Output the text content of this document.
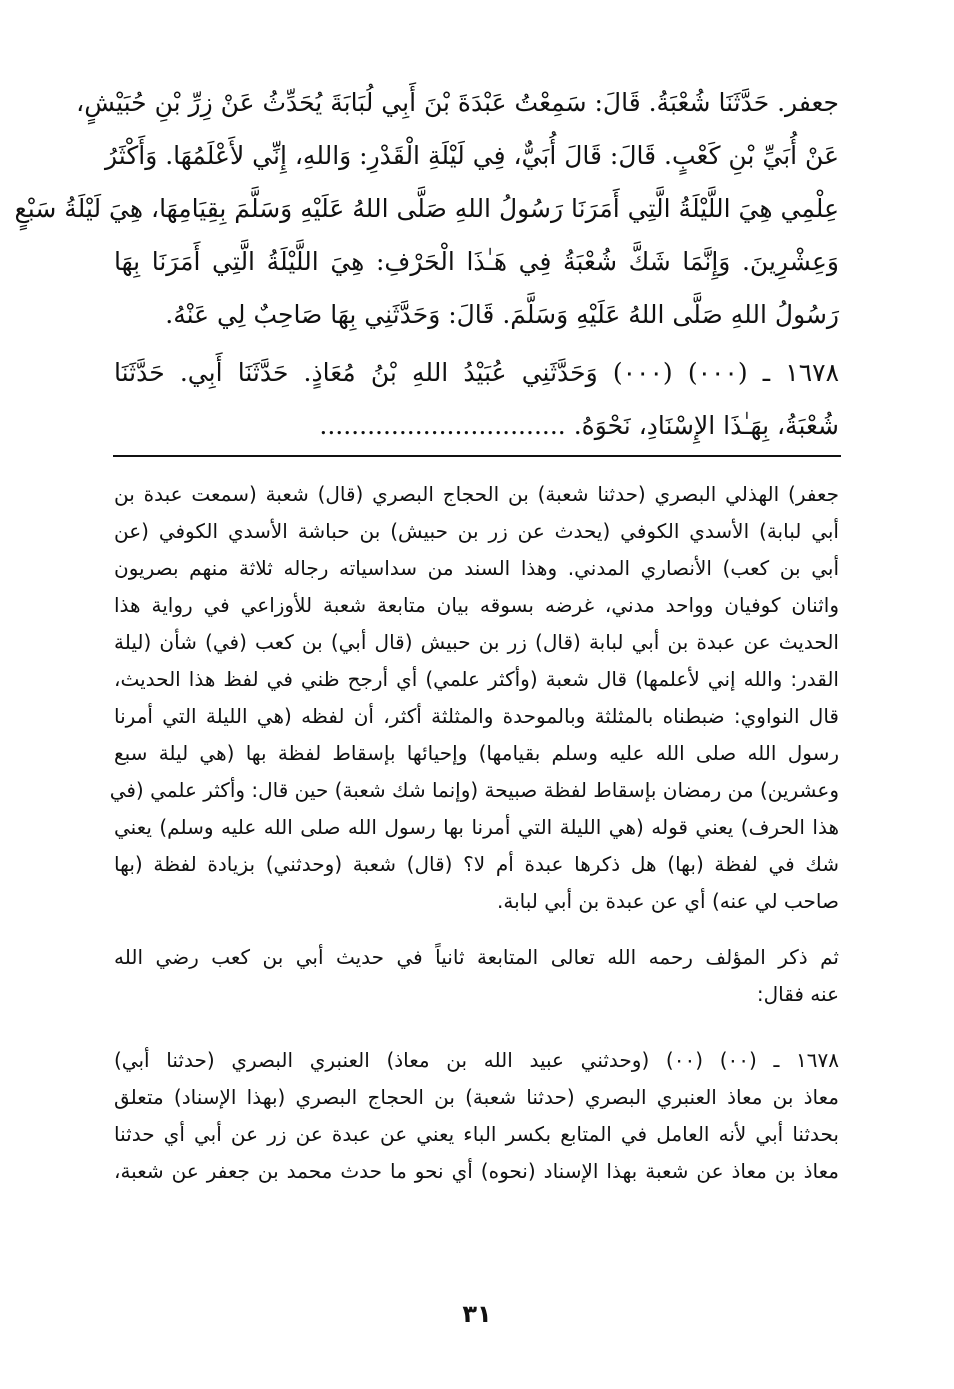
جعفر. حَدَّثَنَا شُعْبَةُ. قَالَ: سَمِعْتُ عَبْدَةَ بْنَ أَبِي لُبَابَةَ يُحَدِّثُ عَنْ زِرِّ بْنِ حُبَيْشٍ،
عَنْ أُبَيِّ بْنِ كَعْبٍ. قَالَ: قَالَ أُبَيٌّ، فِي لَيْلَةِ الْقَدْرِ: وَاللهِ، إِنِّي لأَعْلَمُهَا. وَأَكْثَرُ
عِلْمِي هِيَ اللَّيْلَةُ الَّتِي أَمَرَنَا رَسُولُ اللهِ صَلَّى اللهُ عَلَيْهِ وَسَلَّمَ بِقِيَامِهَا، هِيَ لَيْلَةُ سَبْعٍ
وَعِشْرِينَ. وَإِنَّمَا شَكَّ شُعْبَةُ فِي هَـٰذَا الْحَرْفِ: هِيَ اللَّيْلَةُ الَّتِي أَمَرَنَا بِهَا
رَسُولُ اللهِ صَلَّى اللهُ عَلَيْهِ وَسَلَّمَ. قَالَ: وَحَدَّثَنِي بِهَا صَاحِبٌ لِي عَنْهُ.
١٦٧٨ ـ (٠٠٠) (٠٠٠) وَحَدَّثَنِي عُبَيْدُ اللهِ بْنُ مُعَاذٍ. حَدَّثَنَا أَبِي. حَدَّثَنَا
شُعْبَةُ، بِهَـٰذَا الإِسْنَادِ، نَحْوَهُ. ...............................
جعفر) الهذلي البصري (حدثنا شعبة) بن الحجاج البصري (قال) شعبة (سمعت عبدة بن
أبي لبابة) الأسدي الكوفي (يحدث عن زر بن حبيش) بن حباشة الأسدي الكوفي (عن
أبي بن كعب) الأنصاري المدني. وهذا السند من سداسياته رجاله ثلاثة منهم بصريون
واثنان كوفيان وواحد مدني، غرضه بسوقه بيان متابعة شعبة للأوزاعي في رواية هذا
الحديث عن عبدة بن أبي لبابة (قال) زر بن حبيش (قال أبي) بن كعب (في) شأن (ليلة
القدر: والله إني لأعلمها) قال شعبة (وأكثر علمي) أي أرجح ظني في لفظ هذا الحديث،
قال النواوي: ضبطناه بالمثلثة وبالموحدة والمثلثة أكثر، أن لفظه (هي الليلة التي أمرنا
رسول الله صلى الله عليه وسلم بقيامها) وإحيائها بإسقاط لفظة بها (هي ليلة سبع
وعشرين) من رمضان بإسقاط لفظة صبيحة (وإنما شك شعبة) حين قال: وأكثر علمي (في
هذا الحرف) يعني قوله (هي الليلة التي أمرنا بها رسول الله صلى الله عليه وسلم) يعني
شك في لفظة (بها) هل ذكرها عبدة أم لا؟ (قال) شعبة (وحدثني) بزيادة لفظة (بها
صاحب لي عنه) أي عن عبدة بن أبي لبابة.
ثم ذكر المؤلف رحمه الله تعالى المتابعة ثانياً في حديث أبي بن كعب رضي الله
عنه فقال:
١٦٧٨ ـ (٠٠) (٠٠) (وحدثني عبيد الله بن معاذ) العنبري البصري (حدثنا أبي)
معاذ بن معاذ العنبري البصري (حدثنا شعبة) بن الحجاج البصري (بهذا الإسناد) متعلق
بحدثنا أبي لأنه العامل في المتابع بكسر الباء يعني عن عبدة عن زر عن أبي أي حدثنا
معاذ بن معاذ عن شعبة بهذا الإسناد (نحوه) أي نحو ما حدث محمد بن جعفر عن شعبة،
٣١
